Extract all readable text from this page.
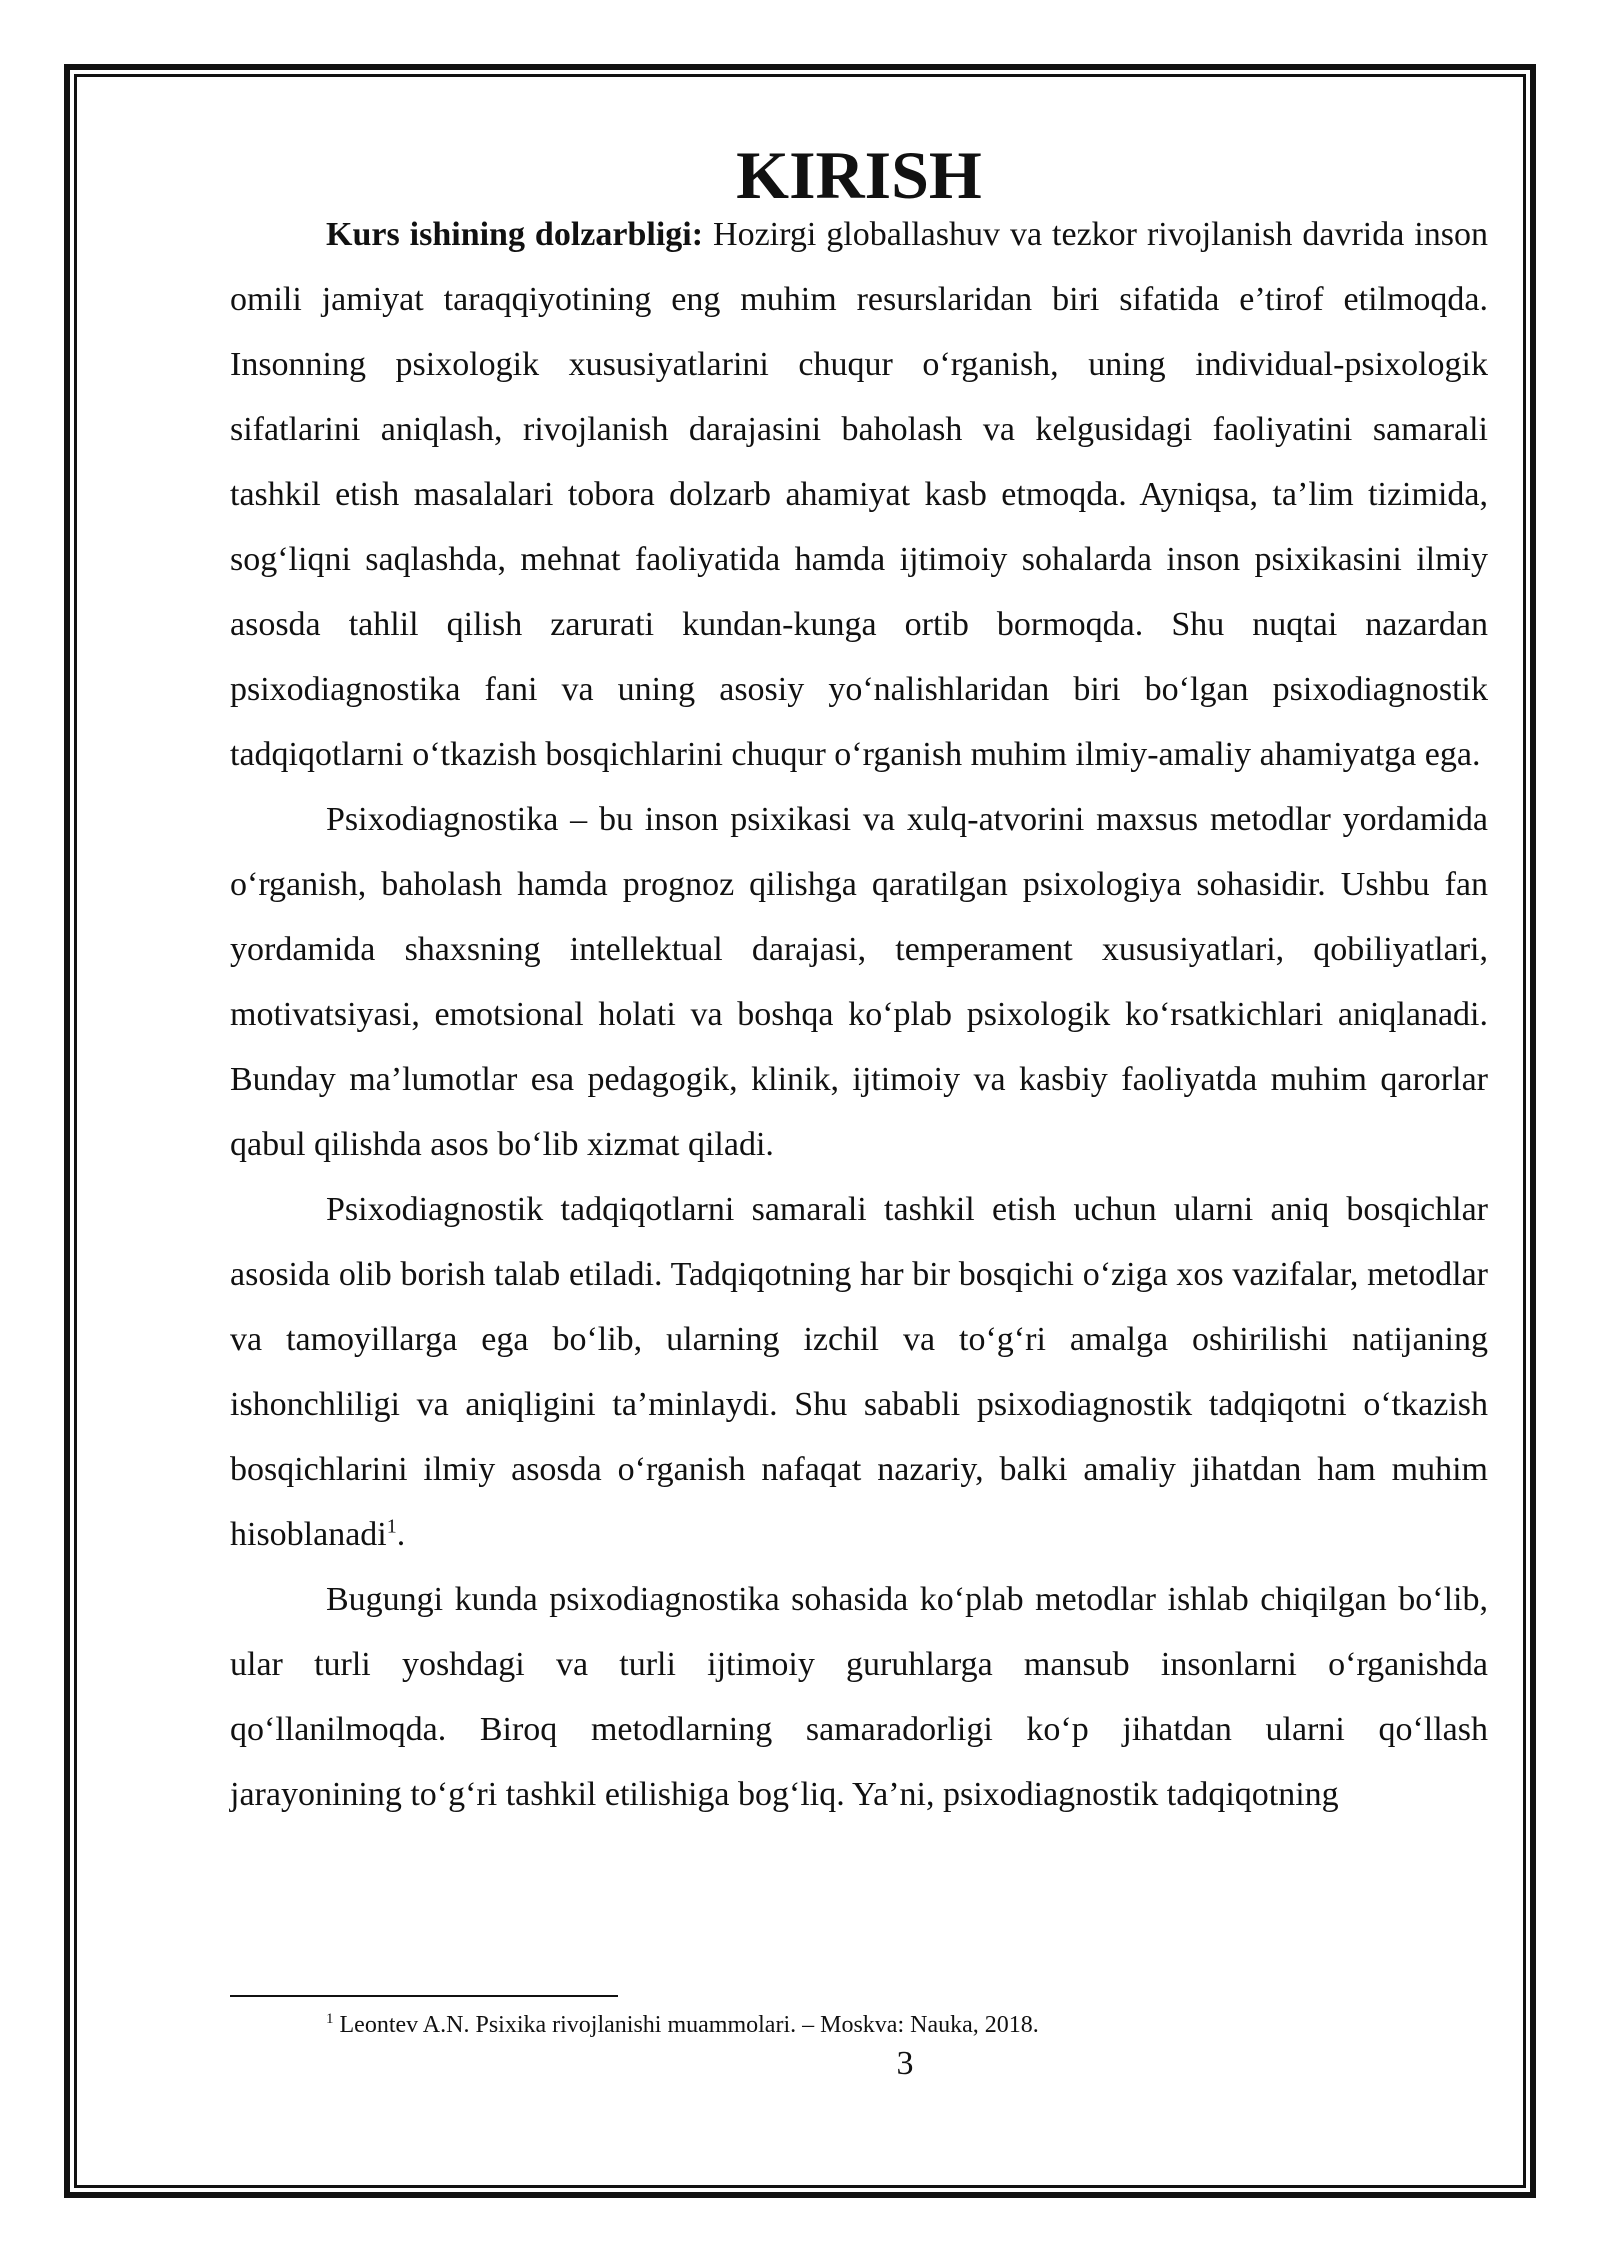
KIRISH

Kurs ishining dolzarbligi: Hozirgi globallashuv va tezkor rivojlanish davrida inson omili jamiyat taraqqiyotining eng muhim resurslaridan biri sifatida e’tirof etilmoqda. Insonning psixologik xususiyatlarini chuqur o‘rganish, uning individual-psixologik sifatlarini aniqlash, rivojlanish darajasini baholash va kelgusidagi faoliyatini samarali tashkil etish masalalari tobora dolzarb ahamiyat kasb etmoqda. Ayniqsa, ta’lim tizimida, sog‘liqni saqlashda, mehnat faoliyatida hamda ijtimoiy sohalarda inson psixikasini ilmiy asosda tahlil qilish zarurati kundan-kunga ortib bormoqda. Shu nuqtai nazardan psixodiagnostika fani va uning asosiy yo‘nalishlaridan biri bo‘lgan psixodiagnostik tadqiqotlarni o‘tkazish bosqichlarini chuqur o‘rganish muhim ilmiy-amaliy ahamiyatga ega.

Psixodiagnostika – bu inson psixikasi va xulq-atvorini maxsus metodlar yordamida o‘rganish, baholash hamda prognoz qilishga qaratilgan psixologiya sohasidir. Ushbu fan yordamida shaxsning intellektual darajasi, temperament xususiyatlari, qobiliyatlari, motivatsiyasi, emotsional holati va boshqa ko‘plab psixologik ko‘rsatkichlari aniqlanadi. Bunday ma’lumotlar esa pedagogik, klinik, ijtimoiy va kasbiy faoliyatda muhim qarorlar qabul qilishda asos bo‘lib xizmat qiladi.

Psixodiagnostik tadqiqotlarni samarali tashkil etish uchun ularni aniq bosqichlar asosida olib borish talab etiladi. Tadqiqotning har bir bosqichi o‘ziga xos vazifalar, metodlar va tamoyillarga ega bo‘lib, ularning izchil va to‘g‘ri amalga oshirilishi natijaning ishonchliligi va aniqligini ta’minlaydi. Shu sababli psixodiagnostik tadqiqotni o‘tkazish bosqichlarini ilmiy asosda o‘rganish nafaqat nazariy, balki amaliy jihatdan ham muhim hisoblanadi$^1$.

Bugungi kunda psixodiagnostika sohasida ko‘plab metodlar ishlab chiqilgan bo‘lib, ular turli yoshdagi va turli ijtimoiy guruhlarga mansub insonlarni o‘rganishda qo‘llanilmoqda. Biroq metodlarning samaradorligi ko‘p jihatdan ularni qo‘llash jarayonining to‘g‘ri tashkil etilishiga bog‘liq. Ya’ni, psixodiagnostik tadqiqotning

$^1$ Leontev A.N. Psixika rivojlanishi muammolari. – Moskva: Nauka, 2018.
3
